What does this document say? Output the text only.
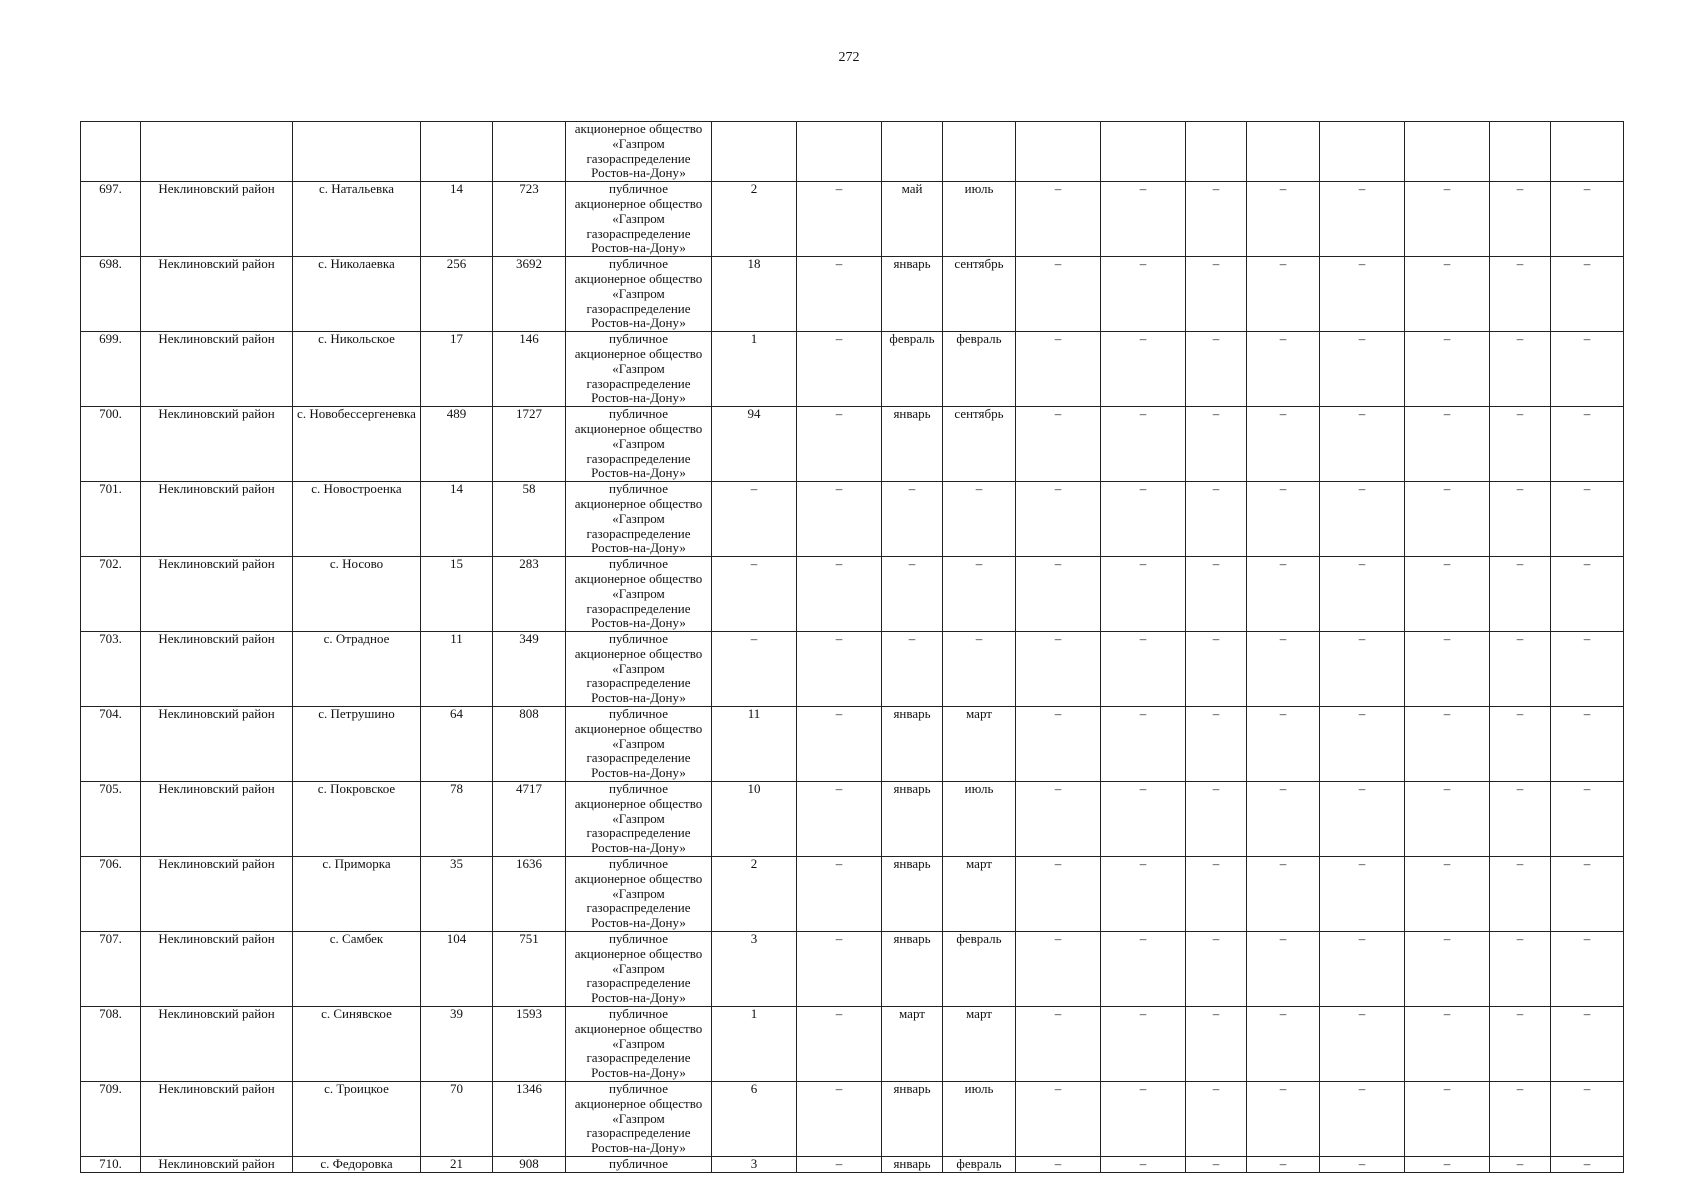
272
					акционерное общество
«Газпром
газораспределение
Ростов-на-Дону»												
697.	Неклиновский район	с. Натальевка	14	723	публичное
акционерное общество
«Газпром
газораспределение
Ростов-на-Дону»	2	–	май	июль	–	–	–	–	–	–	–	–
698.	Неклиновский район	с. Николаевка	256	3692	публичное
акционерное общество
«Газпром
газораспределение
Ростов-на-Дону»	18	–	январь	сентябрь	–	–	–	–	–	–	–	–
699.	Неклиновский район	с. Никольское	17	146	публичное
акционерное общество
«Газпром
газораспределение
Ростов-на-Дону»	1	–	февраль	февраль	–	–	–	–	–	–	–	–
700.	Неклиновский район	с. Новобессергеневка	489	1727	публичное
акционерное общество
«Газпром
газораспределение
Ростов-на-Дону»	94	–	январь	сентябрь	–	–	–	–	–	–	–	–
701.	Неклиновский район	с. Новостроенка	14	58	публичное
акционерное общество
«Газпром
газораспределение
Ростов-на-Дону»	–	–	–	–	–	–	–	–	–	–	–	–
702.	Неклиновский район	с. Носово	15	283	публичное
акционерное общество
«Газпром
газораспределение
Ростов-на-Дону»	–	–	–	–	–	–	–	–	–	–	–	–
703.	Неклиновский район	с. Отрадное	11	349	публичное
акционерное общество
«Газпром
газораспределение
Ростов-на-Дону»	–	–	–	–	–	–	–	–	–	–	–	–
704.	Неклиновский район	с. Петрушино	64	808	публичное
акционерное общество
«Газпром
газораспределение
Ростов-на-Дону»	11	–	январь	март	–	–	–	–	–	–	–	–
705.	Неклиновский район	с. Покровское	78	4717	публичное
акционерное общество
«Газпром
газораспределение
Ростов-на-Дону»	10	–	январь	июль	–	–	–	–	–	–	–	–
706.	Неклиновский район	с. Приморка	35	1636	публичное
акционерное общество
«Газпром
газораспределение
Ростов-на-Дону»	2	–	январь	март	–	–	–	–	–	–	–	–
707.	Неклиновский район	с. Самбек	104	751	публичное
акционерное общество
«Газпром
газораспределение
Ростов-на-Дону»	3	–	январь	февраль	–	–	–	–	–	–	–	–
708.	Неклиновский район	с. Синявское	39	1593	публичное
акционерное общество
«Газпром
газораспределение
Ростов-на-Дону»	1	–	март	март	–	–	–	–	–	–	–	–
709.	Неклиновский район	с. Троицкое	70	1346	публичное
акционерное общество
«Газпром
газораспределение
Ростов-на-Дону»	6	–	январь	июль	–	–	–	–	–	–	–	–
710.	Неклиновский район	с. Федоровка	21	908	публичное	3	–	январь	февраль	–	–	–	–	–	–	–	–
